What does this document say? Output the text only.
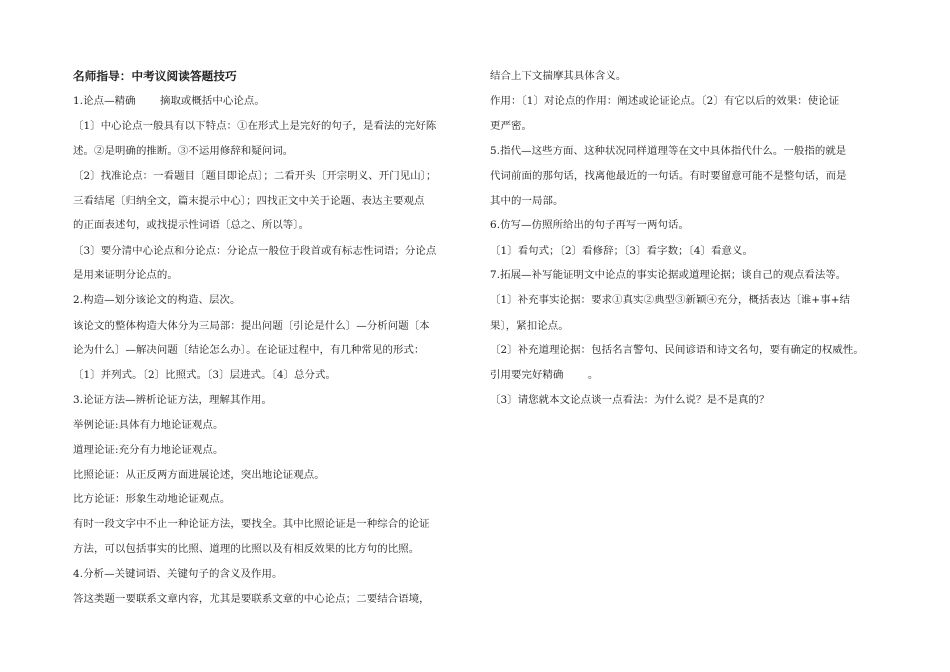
名师指导：中考议阅读答题技巧
1.论点—精确　　 摘取或概括中心论点。
〔1〕中心论点一般具有以下特点：①在形式上是完好的句子，是看法的完好陈
述。②是明确的推断。③不运用修辞和疑问词。
〔2〕找准论点：一看题目〔题目即论点〕；二看开头〔开宗明义、开门见山〕；
三看结尾〔归纳全文，篇末提示中心〕；四找正文中关于论题、表达主要观点
的正面表述句，或找提示性词语〔总之、所以等〕。
〔3〕要分清中心论点和分论点：分论点一般位于段首或有标志性词语；分论点
是用来证明分论点的。
2.构造—划分该论文的构造、层次。
该论文的整体构造大体分为三局部：提出问题〔引论是什么〕—分析问题〔本
论为什么〕—解决问题〔结论怎么办〕。在论证过程中，有几种常见的形式：
〔1〕并列式。〔2〕比照式。〔3〕层进式。〔4〕总分式。
3.论证方法—辨析论证方法，理解其作用。
举例论证:具体有力地论证观点。
道理论证:充分有力地论证观点。
比照论证：从正反两方面进展论述，突出地论证观点。
比方论证：形象生动地论证观点。
有时一段文字中不止一种论证方法，要找全。其中比照论证是一种综合的论证
方法，可以包括事实的比照、道理的比照以及有相反效果的比方句的比照。
4.分析—关键词语、关键句子的含义及作用。
答这类题一要联系文章内容，尤其是要联系文章的中心论点；二要结合语境，
结合上下文揣摩其具体含义。
作用：〔1〕对论点的作用：阐述或论证论点。〔2〕有它以后的效果：使论证
更严密。
5.指代—这些方面、这种状况同样道理等在文中具体指代什么。一般指的就是
代词前面的那句话，找离他最近的一句话。有时要留意可能不是整句话，而是
其中的一局部。
6.仿写—仿照所给出的句子再写一两句话。
〔1〕看句式；〔2〕看修辞；〔3〕看字数；〔4〕看意义。
7.拓展—补写能证明文中论点的事实论据或道理论据；谈自己的观点看法等。
〔1〕补充事实论据：要求①真实②典型③新颖④充分，概括表达〔谁+事+结
果〕，紧扣论点。
〔2〕补充道理论据：包括名言警句、民间谚语和诗文名句，要有确定的权威性。
引用要完好精确　　 。
〔3〕请您就本文论点谈一点看法：为什么说？是不是真的？
